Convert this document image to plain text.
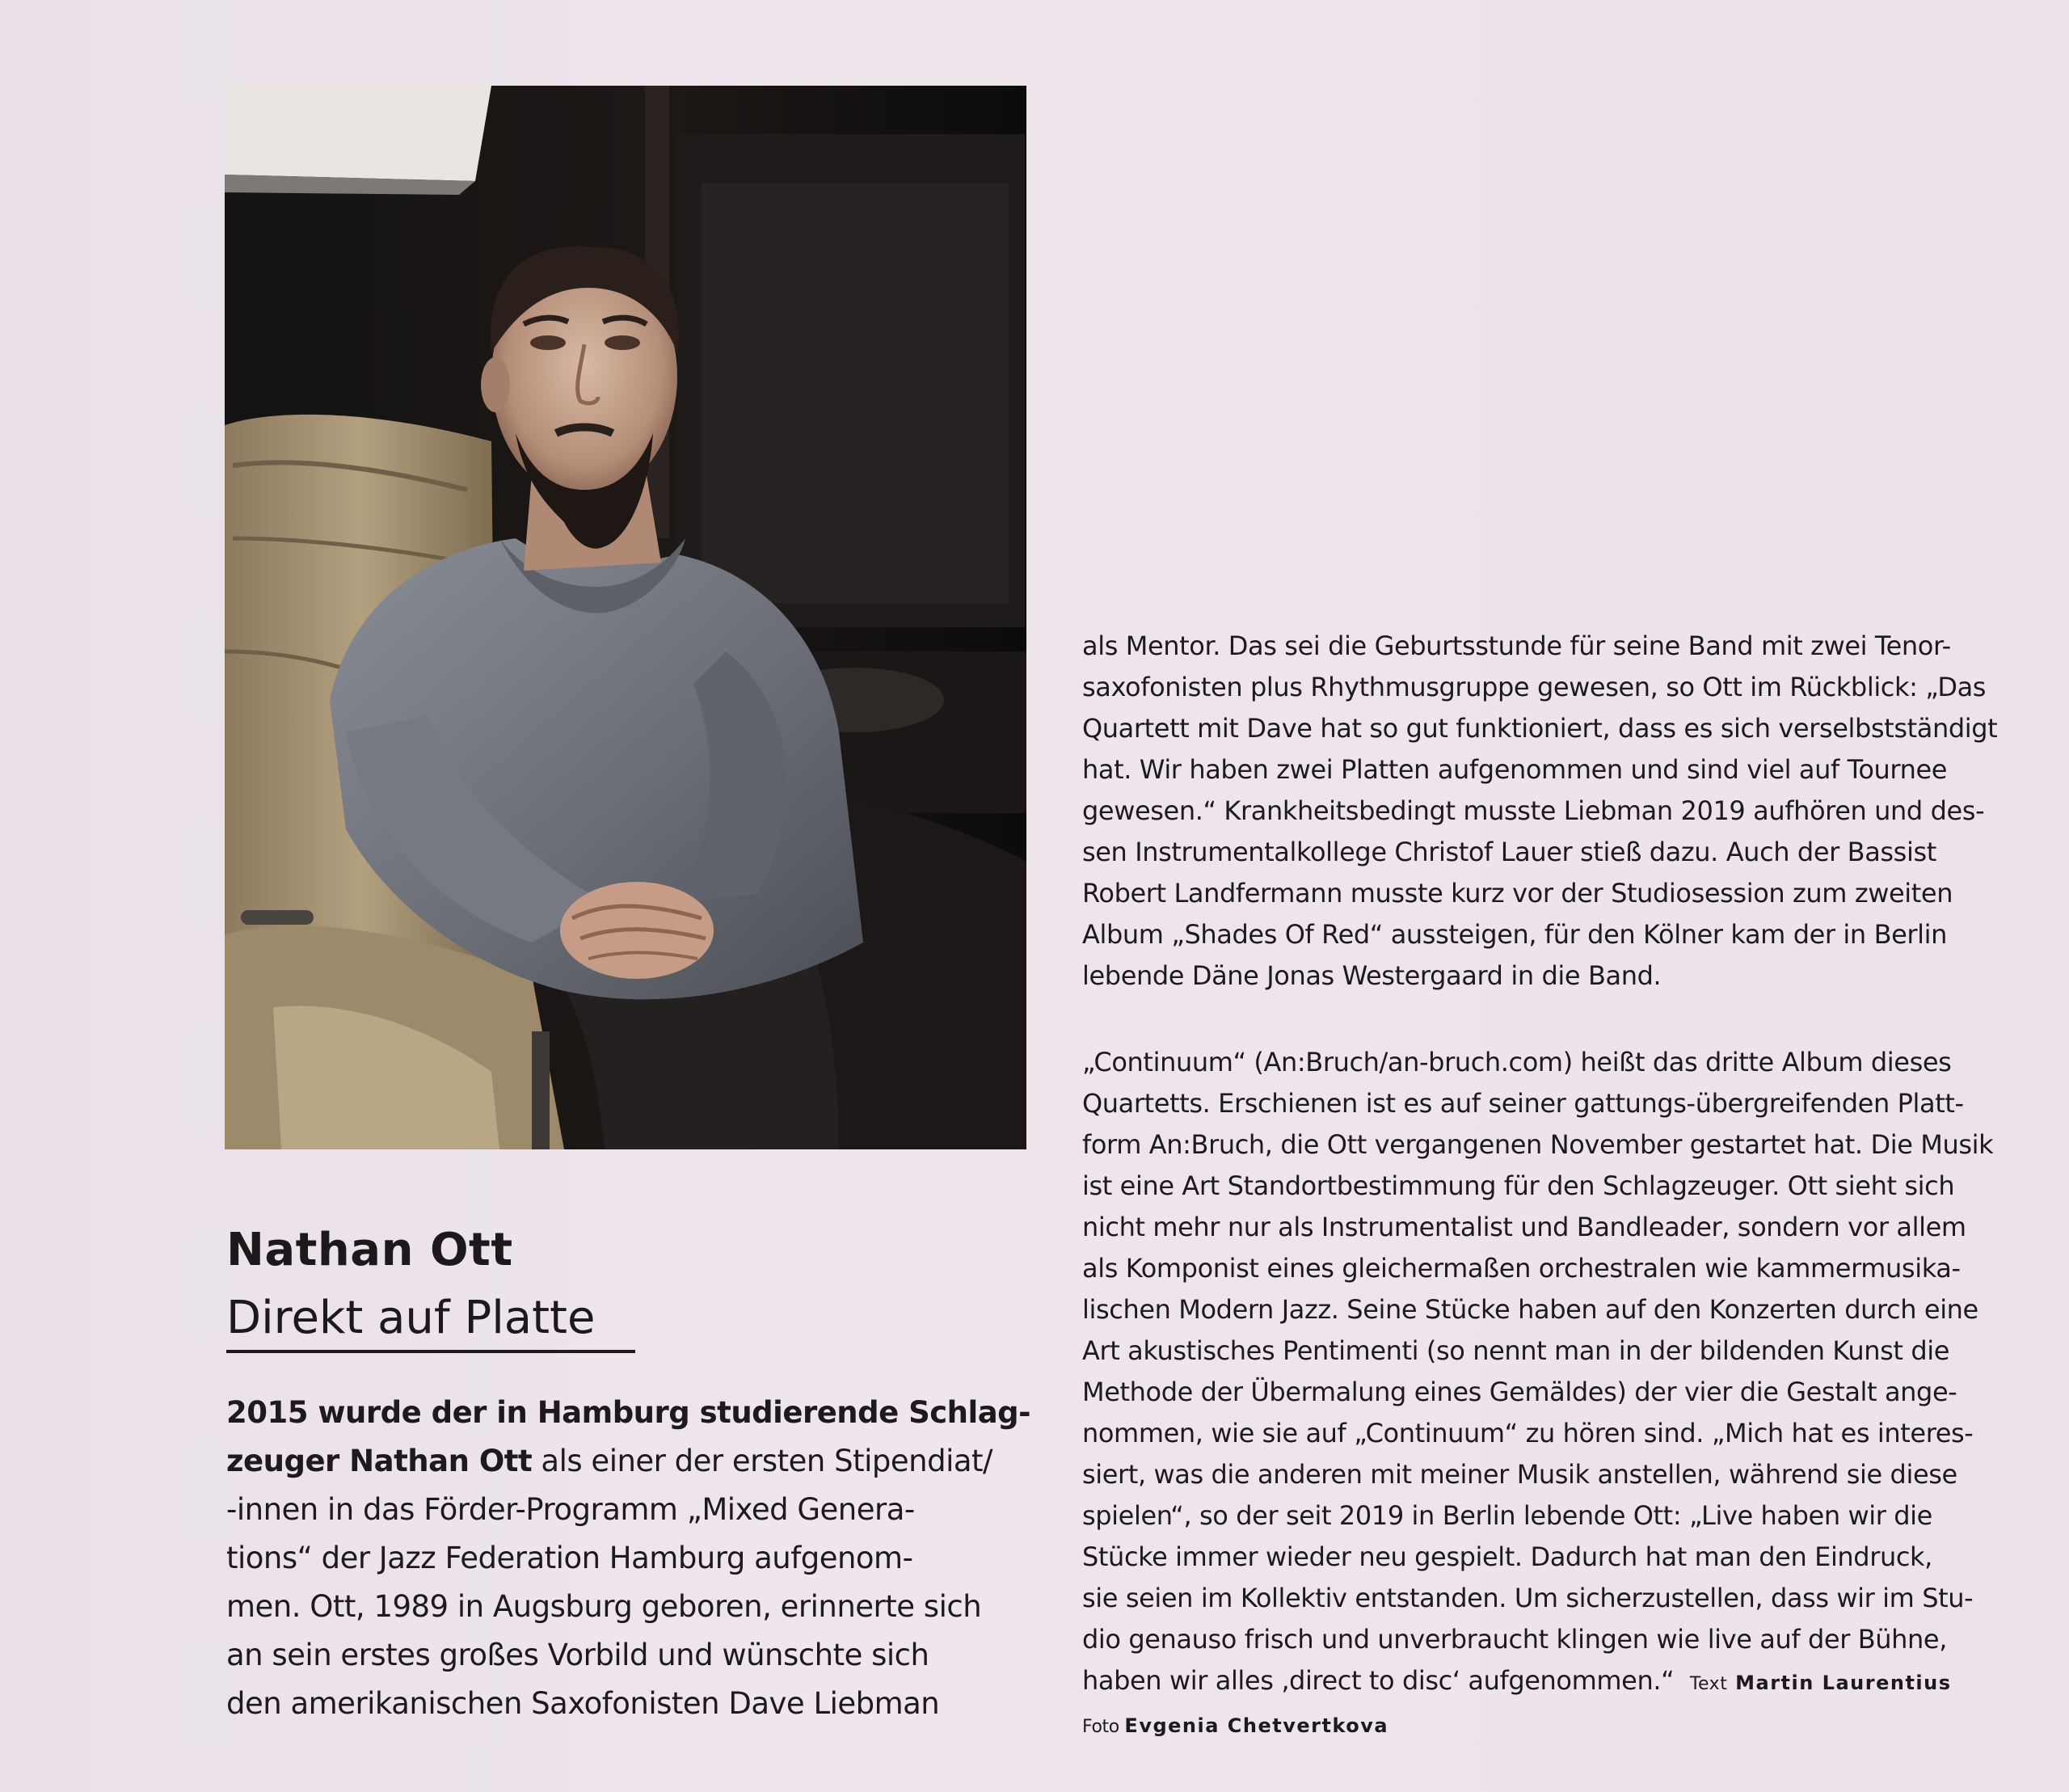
Nathan Ott
Direkt auf Platte

2015 wurde der in Hamburg studierende Schlag-

zeuger Nathan Ott als einer der ersten Stipendiat/

-innen in das Förder-Programm „Mixed Genera-

tions“ der Jazz Federation Hamburg aufgenom-

men. Ott, 1989 in Augsburg geboren, erinnerte sich

an sein erstes großes Vorbild und wünschte sich

den amerikanischen Saxofonisten Dave Liebman

als Mentor. Das sei die Geburtsstunde für seine Band mit zwei Tenor-

saxofonisten plus Rhythmusgruppe gewesen, so Ott im Rückblick: „Das

Quartett mit Dave hat so gut funktioniert, dass es sich verselbstständigt

hat. Wir haben zwei Platten aufgenommen und sind viel auf Tournee

gewesen.“ Krankheitsbedingt musste Liebman 2019 aufhören und des-

sen Instrumentalkollege Christof Lauer stieß dazu. Auch der Bassist

Robert Landfermann musste kurz vor der Studiosession zum zweiten

Album „Shades Of Red“ aussteigen, für den Kölner kam der in Berlin

lebende Däne Jonas Westergaard in die Band.

„Continuum“ (An:Bruch/an-bruch.com) heißt das dritte Album dieses

Quartetts. Erschienen ist es auf seiner gattungs-übergreifenden Platt-

form An:Bruch, die Ott vergangenen November gestartet hat. Die Musik

ist eine Art Standortbestimmung für den Schlagzeuger. Ott sieht sich

nicht mehr nur als Instrumentalist und Bandleader, sondern vor allem

als Komponist eines gleichermaßen orchestralen wie kammermusika-

lischen Modern Jazz. Seine Stücke haben auf den Konzerten durch eine

Art akustisches Pentimenti (so nennt man in der bildenden Kunst die

Methode der Übermalung eines Gemäldes) der vier die Gestalt ange-

nommen, wie sie auf „Continuum“ zu hören sind. „Mich hat es interes-

siert, was die anderen mit meiner Musik anstellen, während sie diese

spielen“, so der seit 2019 in Berlin lebende Ott: „Live haben wir die

Stücke immer wieder neu gespielt. Dadurch hat man den Eindruck,

sie seien im Kollektiv entstanden. Um sicherzustellen, dass wir im Stu-

dio genauso frisch und unverbraucht klingen wie live auf der Bühne,

haben wir alles ‚direct to disc‘ aufgenommen.“ Text Martin Laurentius

Foto Evgenia Chetvertkova
